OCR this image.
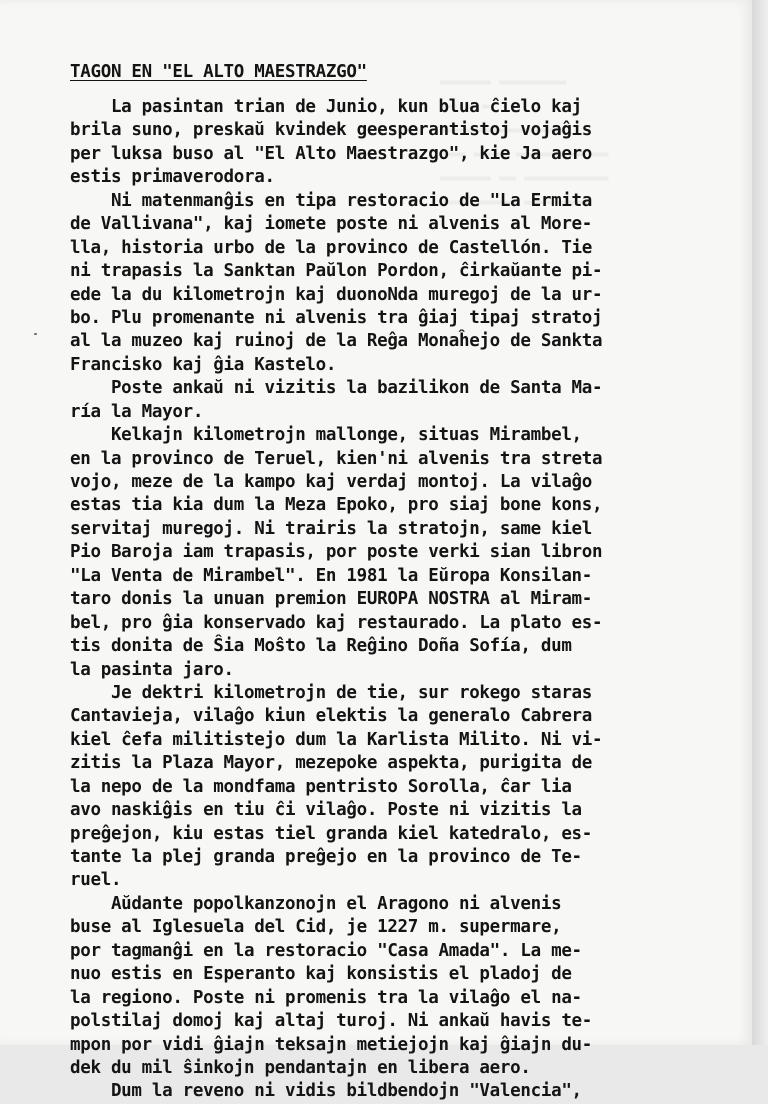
TAGON EN "EL ALTO MAESTRAZGO"
La pasintan trian de Junio, kun blua ĉielo kaj
brila suno, preskaŭ kvindek geesperantistoj vojaĝis
per luksa buso al "El Alto Maestrazgo", kie Ja aero
estis primaverodora.
Ni matenmanĝis en tipa restoracio de "La Ermita
de Vallivana", kaj iomete poste ni alvenis al More-
lla, historia urbo de la provinco de Castellón. Tie
ni trapasis la Sanktan Paŭlon Pordon, ĉirkaŭante pi-
ede la du kilometrojn kaj duonoNda muregoj de la ur-
bo. Plu promenante ni alvenis tra ĝiaj tipaj stratoj
al la muzeo kaj ruinoj de la Reĝa Monaĥejo de Sankta
Francisko kaj ĝia Kastelo.
Poste ankaŭ ni vizitis la bazilikon de Santa Ma-
ría la Mayor.
Kelkajn kilometrojn mallonge, situas Mirambel,
en la provinco de Teruel, kien'ni alvenis tra streta
vojo, meze de la kampo kaj verdaj montoj. La vilaĝo
estas tia kia dum la Meza Epoko, pro siaj bone kons,
servitaj muregoj. Ni trairis la stratojn, same kiel
Pio Baroja iam trapasis, por poste verki sian libron
"La Venta de Mirambel". En 1981 la Eŭropa Konsilan-
taro donis la unuan premion EUROPA NOSTRA al Miram-
bel, pro ĝia konservado kaj restaurado. La plato es-
tis donita de Ŝia Moŝto la Reĝino Doña Sofía, dum
la pasinta jaro.
Je dektri kilometrojn de tie, sur rokego staras
Cantavieja, vilaĝo kiun elektis la generalo Cabrera
kiel ĉefa militistejo dum la Karlista Milito. Ni vi-
zitis la Plaza Mayor, mezepoke aspekta, purigita de
la nepo de la mondfama pentristo Sorolla, ĉar lia
avo naskiĝis en tiu ĉi vilaĝo. Poste ni vizitis la
preĝejon, kiu estas tiel granda kiel katedralo, es-
tante la plej granda preĝejo en la provinco de Te-
ruel.
Aŭdante popolkanzonojn el Aragono ni alvenis
buse al Iglesuela del Cid, je 1227 m. supermare,
por tagmanĝi en la restoracio "Casa Amada". La me-
nuo estis en Esperanto kaj konsistis el pladoj de
la regiono. Poste ni promenis tra la vilaĝo el na-
polstilaj domoj kaj altaj turoj. Ni ankaŭ havis te-
mpon por vidi ĝiajn teksajn metiejojn kaj ĝiajn du-
dek du mil ŝinkojn pendantajn en libera aero.
Dum la reveno ni vidis bildbendojn "Valencia",
